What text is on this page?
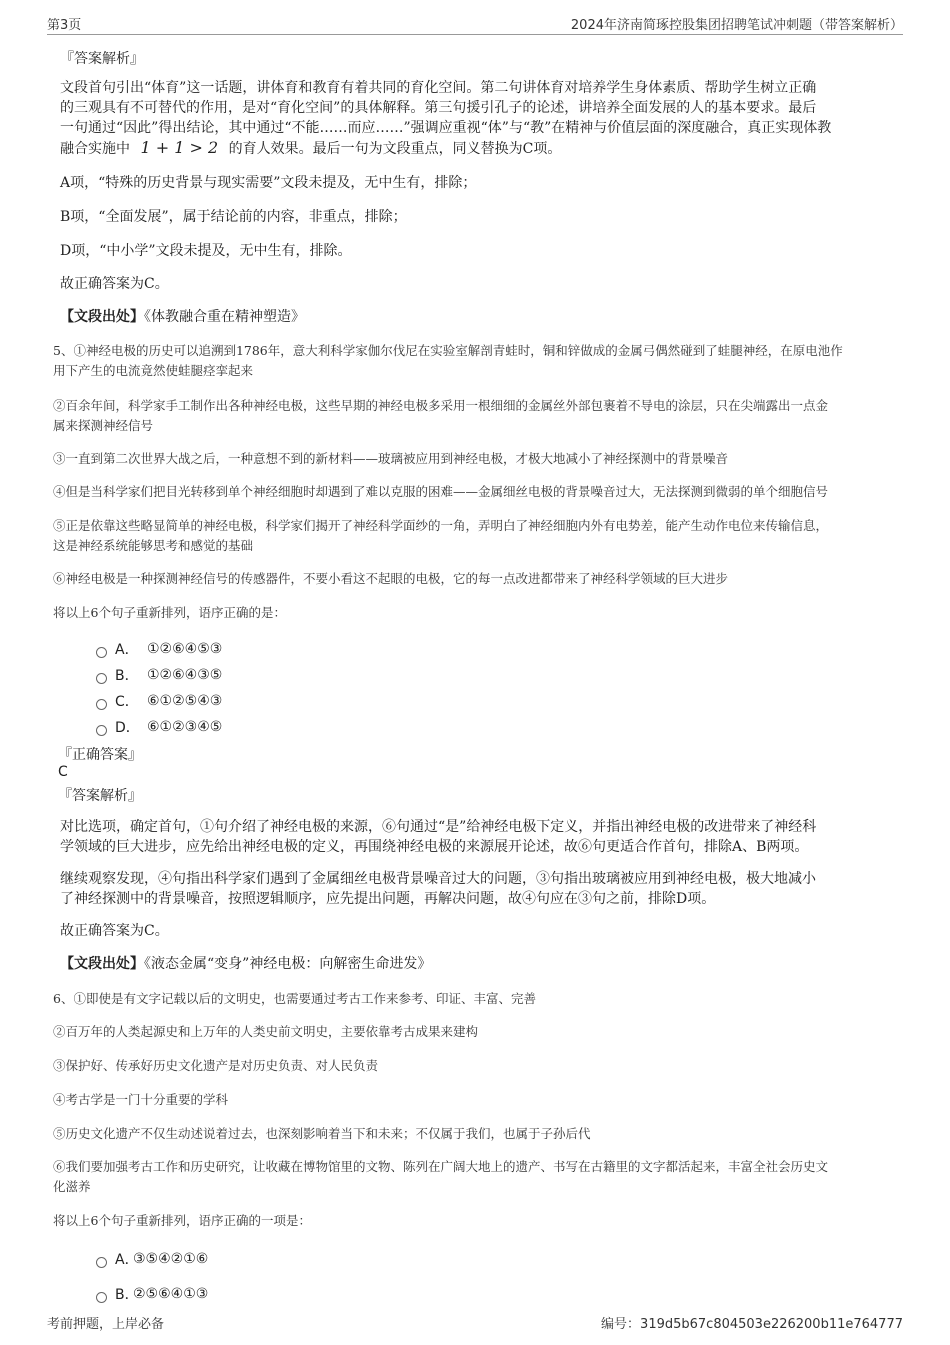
第3页	2024年济南简琢控股集团招聘笔试冲刺题（带答案解析）
『答案解析』
文段首句引出“体育”这一话题，讲体育和教育有着共同的育化空间。第二句讲体育对培养学生身体素质、帮助学生树立正确
的三观具有不可替代的作用，是对“育化空间”的具体解释。第三句援引孔子的论述，讲培养全面发展的人的基本要求。最后
一句通过“因此”得出结论，其中通过“不能……而应……”强调应重视“体”与“教”在精神与价值层面的深度融合，真正实现体教
融合实施中 1 + 1 > 2 的育人效果。最后一句为文段重点，同义替换为C项。
A项，“特殊的历史背景与现实需要”文段未提及，无中生有，排除；
B项，“全面发展”，属于结论前的内容，非重点，排除；
D项，“中小学”文段未提及，无中生有，排除。
故正确答案为C。
【文段出处】《体教融合重在精神塑造》
5、①神经电极的历史可以追溯到1786年，意大利科学家伽尔伐尼在实验室解剖青蛙时，铜和锌做成的金属弓偶然碰到了蛙腿神经，在原电池作
用下产生的电流竟然使蛙腿痉挛起来
②百余年间，科学家手工制作出各种神经电极，这些早期的神经电极多采用一根细细的金属丝外部包裹着不导电的涂层，只在尖端露出一点金
属来探测神经信号
③一直到第二次世界大战之后，一种意想不到的新材料——玻璃被应用到神经电极，才极大地减小了神经探测中的背景噪音
④但是当科学家们把目光转移到单个神经细胞时却遇到了难以克服的困难——金属细丝电极的背景噪音过大，无法探测到微弱的单个细胞信号
⑤正是依靠这些略显简单的神经电极，科学家们揭开了神经科学面纱的一角，弄明白了神经细胞内外有电势差，能产生动作电位来传输信息，
这是神经系统能够思考和感觉的基础
⑥神经电极是一种探测神经信号的传感器件，不要小看这不起眼的电极，它的每一点改进都带来了神经科学领域的巨大进步
将以上6个句子重新排列，语序正确的是：
A． ①②⑥④⑤③
B． ①②⑥④③⑤
C． ⑥①②⑤④③
D． ⑥①②③④⑤
『正确答案』
C
『答案解析』
对比选项，确定首句，①句介绍了神经电极的来源，⑥句通过“是”给神经电极下定义，并指出神经电极的改进带来了神经科
学领域的巨大进步，应先给出神经电极的定义，再围绕神经电极的来源展开论述，故⑥句更适合作首句，排除A、B两项。
继续观察发现，④句指出科学家们遇到了金属细丝电极背景噪音过大的问题，③句指出玻璃被应用到神经电极，极大地减小
了神经探测中的背景噪音，按照逻辑顺序，应先提出问题，再解决问题，故④句应在③句之前，排除D项。
故正确答案为C。
【文段出处】《液态金属“变身”神经电极：向解密生命进发》
6、①即使是有文字记载以后的文明史，也需要通过考古工作来参考、印证、丰富、完善
②百万年的人类起源史和上万年的人类史前文明史，主要依靠考古成果来建构
③保护好、传承好历史文化遗产是对历史负责、对人民负责
④考古学是一门十分重要的学科
⑤历史文化遗产不仅生动述说着过去，也深刻影响着当下和未来；不仅属于我们，也属于子孙后代
⑥我们要加强考古工作和历史研究，让收藏在博物馆里的文物、陈列在广阔大地上的遗产、书写在古籍里的文字都活起来，丰富全社会历史文
化滋养
将以上6个句子重新排列，语序正确的一项是：
A．
③⑤④②①⑥
B．
②⑤⑥④①③
考前押题，上岸必备	编号：319d5b67c804503e226200b11e764777
